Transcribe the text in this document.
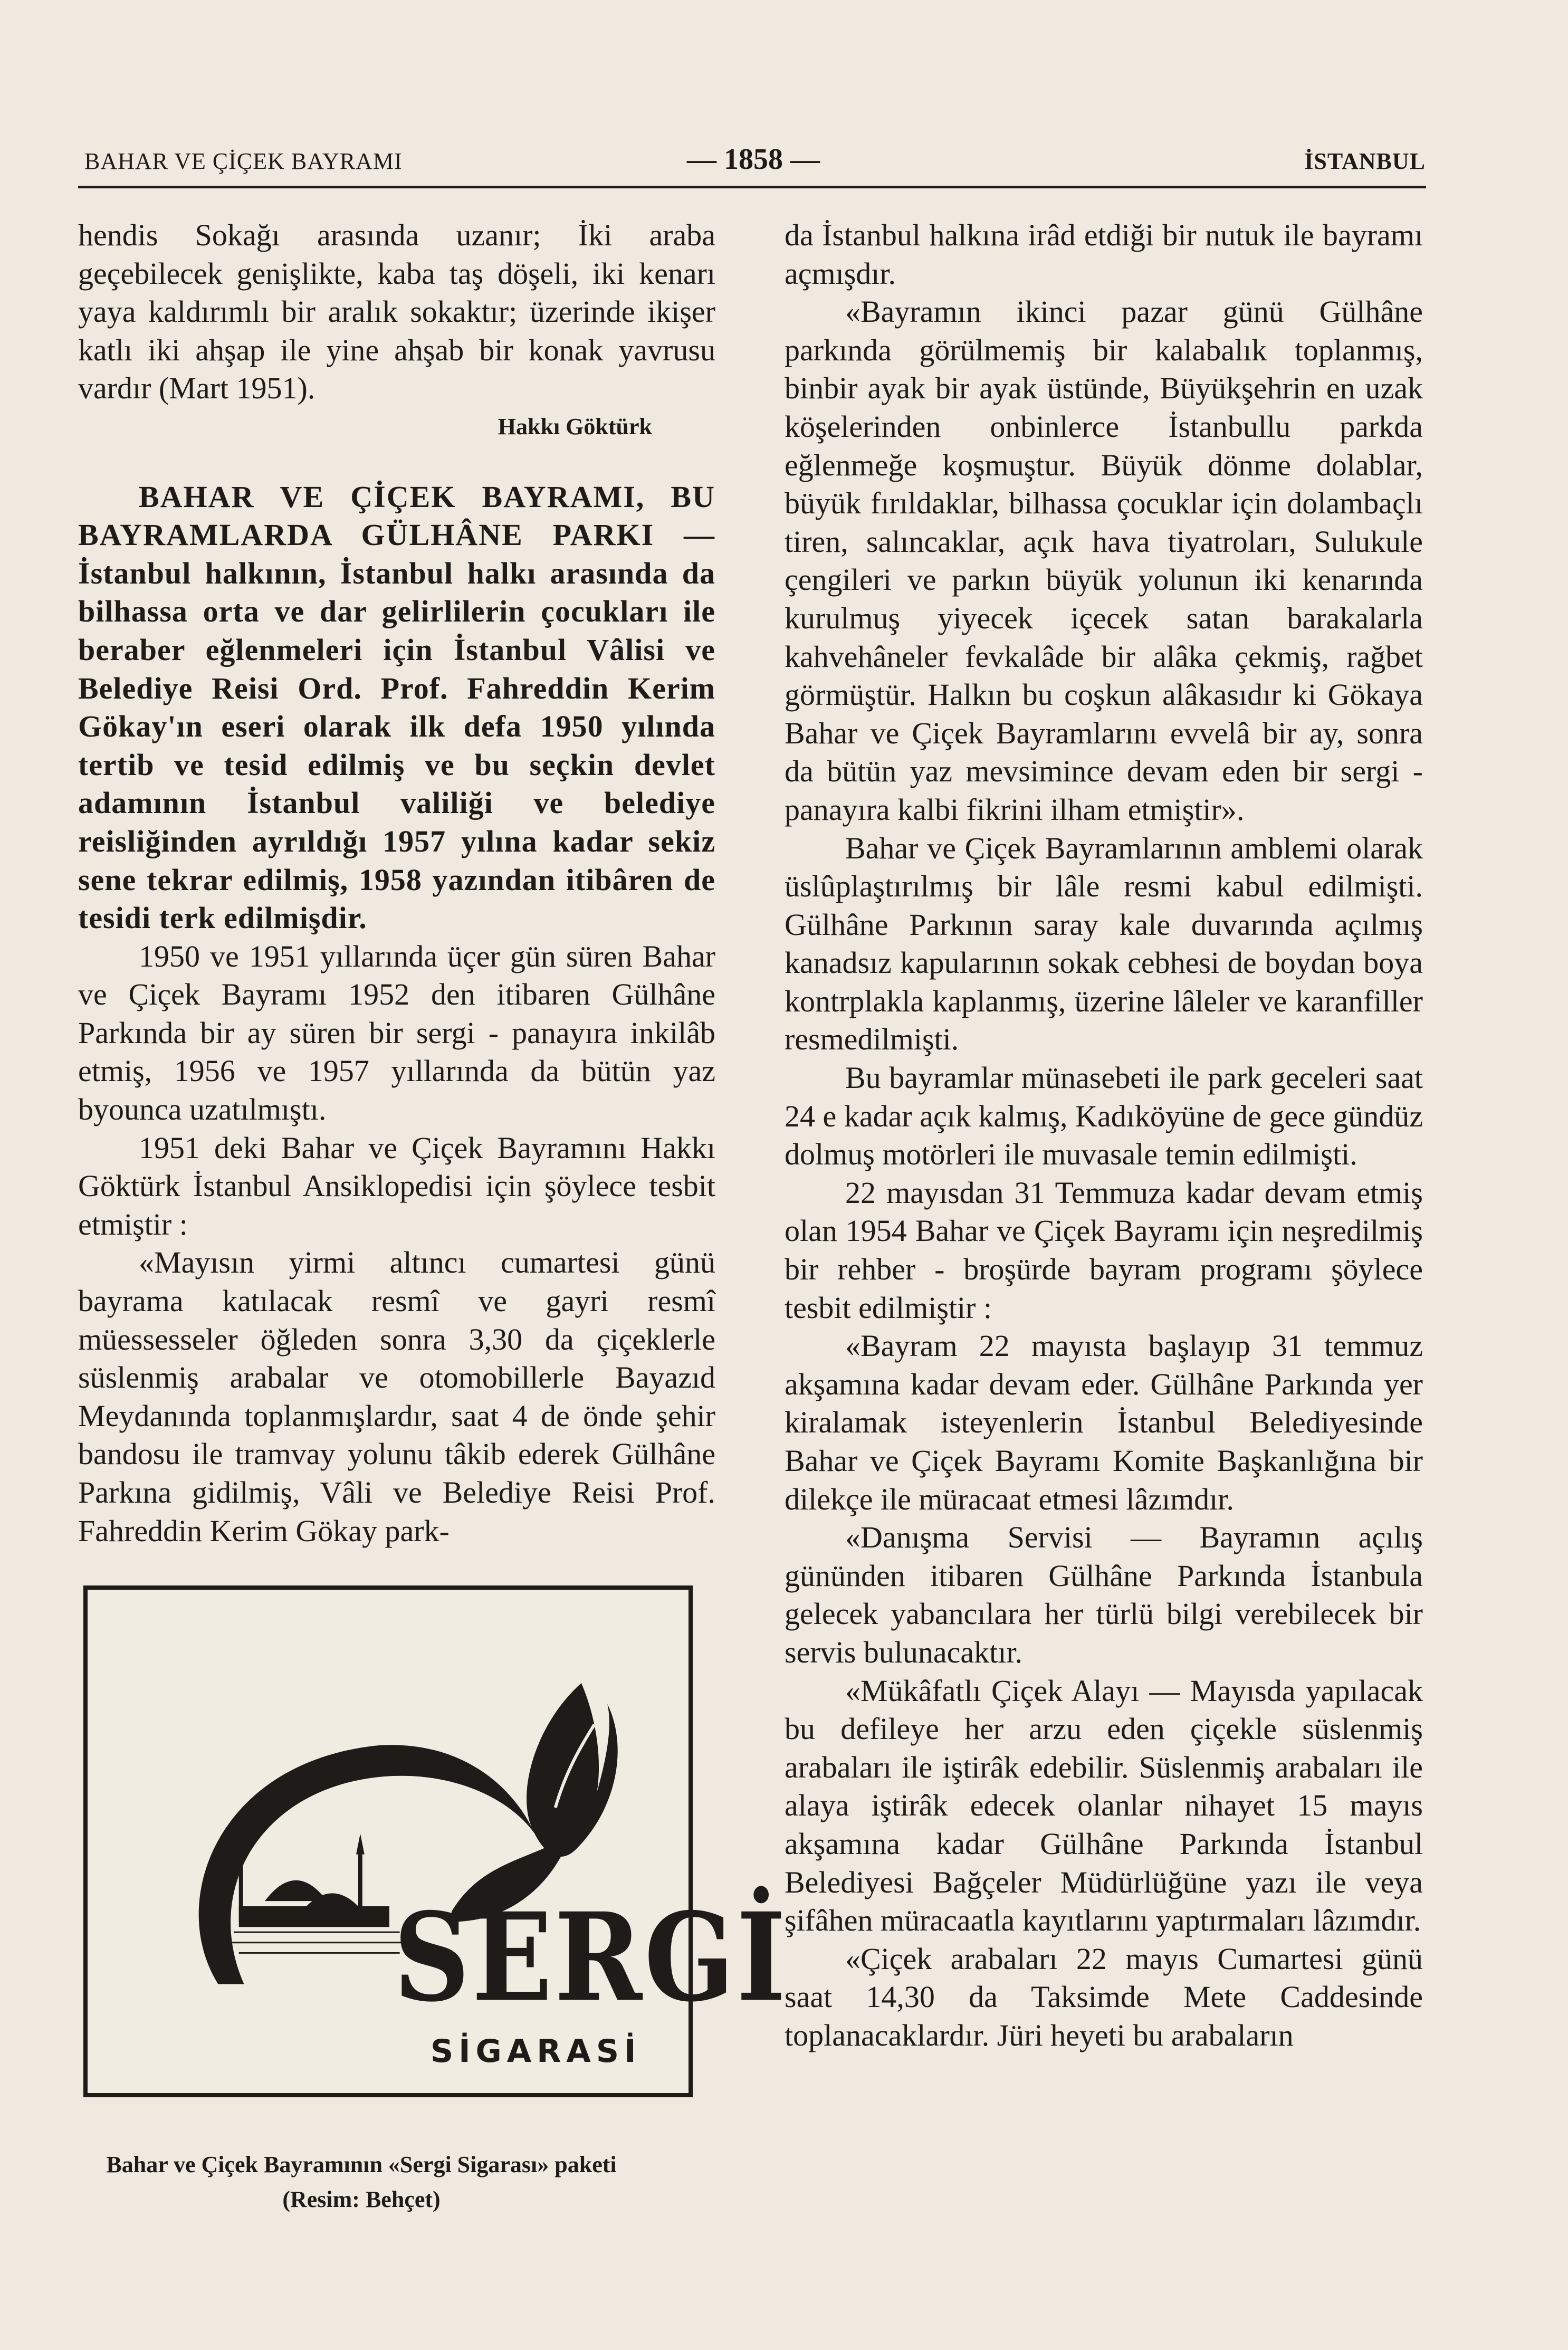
BAHAR VE ÇİÇEK BAYRAMI	— 1858 —	İSTANBUL

hendis Sokağı arasında uzanır; İki araba geçebilecek genişlikte, kaba taş döşeli, iki kenarı yaya kaldırımlı bir aralık sokaktır; üzerinde ikişer katlı iki ahşap ile yine ahşab bir konak yavrusu vardır (Mart 1951).

Hakkı Göktürk

BAHAR VE ÇİÇEK BAYRAMI, BU BAYRAMLARDA GÜLHÂNE PARKI — İstanbul halkının, İstanbul halkı arasında da bilhassa orta ve dar gelirlilerin çocukları ile beraber eğlenmeleri için İstanbul Vâlisi ve Belediye Reisi Ord. Prof. Fahreddin Kerim Gökay'ın eseri olarak ilk defa 1950 yılında tertib ve tesid edilmiş ve bu seçkin devlet adamının İstanbul valiliği ve belediye reisliğinden ayrıldığı 1957 yılına kadar sekiz sene tekrar edilmiş, 1958 yazından itibâren de tesidi terk edilmişdir.

1950 ve 1951 yıllarında üçer gün süren Bahar ve Çiçek Bayramı 1952 den itibaren Gülhâne Parkında bir ay süren bir sergi - panayıra inkilâb etmiş, 1956 ve 1957 yıllarında da bütün yaz byounca uzatılmıştı.

1951 deki Bahar ve Çiçek Bayramını Hakkı Göktürk İstanbul Ansiklopedisi için şöylece tesbit etmiştir :

«Mayısın yirmi altıncı cumartesi günü bayrama katılacak resmî ve gayri resmî müessesseler öğleden sonra 3,30 da çiçeklerle süslenmiş arabalar ve otomobillerle Bayazıd Meydanında toplanmışlardır, saat 4 de önde şehir bandosu ile tramvay yolunu tâkib ederek Gülhâne Parkına gidilmiş, Vâli ve Belediye Reisi Prof. Fahreddin Kerim Gökay park-

SERGİ
SİGARASİ
Bahar ve Çiçek Bayramının «Sergi Sigarası» paketi
(Resim: Behçet)

da İstanbul halkına irâd etdiği bir nutuk ile bayramı açmışdır.

«Bayramın ikinci pazar günü Gülhâne parkında görülmemiş bir kalabalık toplanmış, binbir ayak bir ayak üstünde, Büyükşehrin en uzak köşelerinden onbinlerce İstanbullu parkda eğlenmeğe koşmuştur. Büyük dönme dolablar, büyük fırıldaklar, bilhassa çocuklar için dolambaçlı tiren, salıncaklar, açık hava tiyatroları, Sulukule çengileri ve parkın büyük yolunun iki kenarında kurulmuş yiyecek içecek satan barakalarla kahvehâneler fevkalâde bir alâka çekmiş, rağbet görmüştür. Halkın bu coşkun alâkasıdır ki Gökaya Bahar ve Çiçek Bayramlarını evvelâ bir ay, sonra da bütün yaz mevsimince devam eden bir sergi - panayıra kalbi fikrini ilham etmiştir».

Bahar ve Çiçek Bayramlarının amblemi olarak üslûplaştırılmış bir lâle resmi kabul edilmişti. Gülhâne Parkının saray kale duvarında açılmış kanadsız kapularının sokak cebhesi de boydan boya kontrplakla kaplanmış, üzerine lâleler ve karanfiller resmedilmişti.

Bu bayramlar münasebeti ile park geceleri saat 24 e kadar açık kalmış, Kadıköyüne de gece gündüz dolmuş motörleri ile muvasale temin edilmişti.

22 mayısdan 31 Temmuza kadar devam etmiş olan 1954 Bahar ve Çiçek Bayramı için neşredilmiş bir rehber - broşürde bayram programı şöylece tesbit edilmiştir :

«Bayram 22 mayısta başlayıp 31 temmuz akşamına kadar devam eder. Gülhâne Parkında yer kiralamak isteyenlerin İstanbul Belediyesinde Bahar ve Çiçek Bayramı Komite Başkanlığına bir dilekçe ile müracaat etmesi lâzımdır.

«Danışma Servisi — Bayramın açılış gününden itibaren Gülhâne Parkında İstanbula gelecek yabancılara her türlü bilgi verebilecek bir servis bulunacaktır.

«Mükâfatlı Çiçek Alayı — Mayısda yapılacak bu defileye her arzu eden çiçekle süslenmiş arabaları ile iştirâk edebilir. Süslenmiş arabaları ile alaya iştirâk edecek olanlar nihayet 15 mayıs akşamına kadar Gülhâne Parkında İstanbul Belediyesi Bağçeler Müdürlüğüne yazı ile veya şifâhen müracaatla kayıtlarını yaptırmaları lâzımdır.

«Çiçek arabaları 22 mayıs Cumartesi günü saat 14,30 da Taksimde Mete Caddesinde toplanacaklardır. Jüri heyeti bu arabaların
